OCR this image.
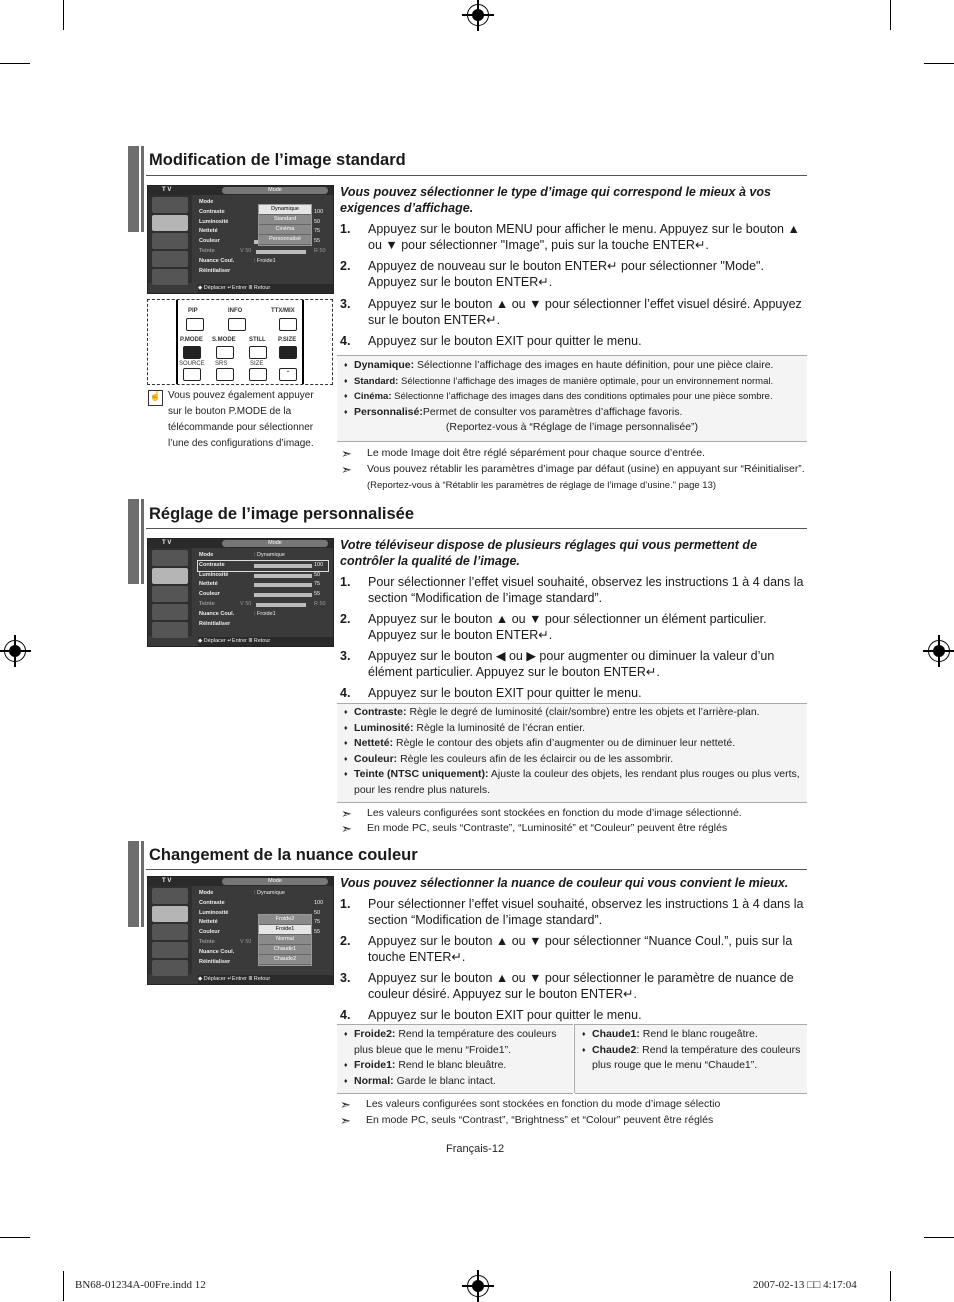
Modification de l’image standard
T V	Mode
Mode
Contraste	100
Luminosité	50
Netteté	75
Couleur	55
Teinte	V 50	R 50
Nuance Coul.	: Froide1
Réinitialiser
Dynamique
Standard
Cinéma
Personnalisé
◆ Déplacer ↵Entrer Ⅲ Retour
PIP	INFO	TTX/MIX
P.MODE S.MODE STILL P.SIZE
SOURCE SRS	SIZE
⌃
☝ Vous pouvez également appuyer sur le bouton P.MODE de la télécommande pour sélectionner l’une des configurations d’image.
Vous pouvez sélectionner le type d’image qui correspond le mieux à vos exigences d’affichage.
1. Appuyez sur le bouton MENU pour afficher le menu. Appuyez sur le bouton ▲ ou ▼ pour sélectionner "Image", puis sur la touche ENTER↵.
2. Appuyez de nouveau sur le bouton ENTER↵ pour sélectionner "Mode". Appuyez sur le bouton ENTER↵.
3. Appuyez sur le bouton ▲ ou ▼ pour sélectionner l’effet visuel désiré. Appuyez sur le bouton ENTER↵.
4. Appuyez sur le bouton EXIT pour quitter le menu.
♦ Dynamique: Sélectionne l’affichage des images en haute définition, pour une pièce claire.
♦ Standard: Sélectionne l’affichage des images de manière optimale, pour un environnement normal.
♦ Cinéma: Sélectionne l’affichage des images dans des conditions optimales pour une pièce sombre.
♦ Personnalisé:Permet de consulter vos paramètres d’affichage favoris.
(Reportez-vous à “Réglage de l’image personnalisée”)
➣ Le mode Image doit être réglé séparément pour chaque source d’entrée.
➣ Vous pouvez rétablir les paramètres d’image par défaut (usine) en appuyant sur “Réinitialiser”. (Reportez-vous à “Rétablir les paramètres de réglage de l’image d’usine.” page 13)
Réglage de l’image personnalisée
T V	Mode
Mode	: Dynamique
Contraste	100
Luminosité	50
Netteté	75
Couleur	55
Teinte	V 50	R 50
Nuance Coul.	: Froide1
Réinitialiser
◆ Déplacer ↵Entrer Ⅲ Retour
Votre téléviseur dispose de plusieurs réglages qui vous permettent de contrôler la qualité de l’image.
1. Pour sélectionner l’effet visuel souhaité, observez les instructions 1 à 4 dans la section “Modification de l’image standard”.
2. Appuyez sur le bouton ▲ ou ▼ pour sélectionner un élément particulier. Appuyez sur le bouton ENTER↵.
3. Appuyez sur le bouton ◀ ou ▶ pour augmenter ou diminuer la valeur d’un élément particulier. Appuyez sur le bouton ENTER↵.
4. Appuyez sur le bouton EXIT pour quitter le menu.
♦ Contraste: Règle le degré de luminosité (clair/sombre) entre les objets et l’arrière-plan.
♦ Luminosité: Règle la luminosité de l’écran entier.
♦ Netteté: Règle le contour des objets afin d’augmenter ou de diminuer leur netteté.
♦ Couleur: Règle les couleurs afin de les éclaircir ou de les assombrir.
♦ Teinte (NTSC uniquement): Ajuste la couleur des objets, les rendant plus rouges ou plus verts, pour les rendre plus naturels.
➣ Les valeurs configurées sont stockées en fonction du mode d’image sélectionné.
➣ En mode PC, seuls “Contraste”, “Luminosité” et “Couleur” peuvent être réglés
Changement de la nuance couleur
T V	Mode
Mode	: Dynamique
Contraste	100
Luminosité	50
Netteté	75
Couleur	55
Teinte	V 50
Nuance Coul.
Réinitialiser
Froide2
Froide1
Normal
Chaude1
Chaude2
◆ Déplacer ↵Entrer Ⅲ Retour
Vous pouvez sélectionner la nuance de couleur qui vous convient le mieux.
1. Pour sélectionner l’effet visuel souhaité, observez les instructions 1 à 4 dans la section “Modification de l’image standard”.
2. Appuyez sur le bouton ▲ ou ▼ pour sélectionner “Nuance Coul.”, puis sur la touche ENTER↵.
3. Appuyez sur le bouton ▲ ou ▼ pour sélectionner le paramètre de nuance de couleur désiré. Appuyez sur le bouton ENTER↵.
4. Appuyez sur le bouton EXIT pour quitter le menu.
♦ Froide2: Rend la température des couleurs plus bleue que le menu “Froide1”.
♦ Froide1: Rend le blanc bleuâtre.
♦ Normal: Garde le blanc intact.
♦ Chaude1: Rend le blanc rougeâtre.
♦ Chaude2: Rend la température des couleurs plus rouge que le menu “Chaude1”.
➣ Les valeurs configurées sont stockées en fonction du mode d’image sélectio
➣ En mode PC, seuls “Contrast”, “Brightness” et “Colour” peuvent être réglés
Français-12
BN68-01234A-00Fre.indd 12	2007-02-13 □□ 4:17:04
